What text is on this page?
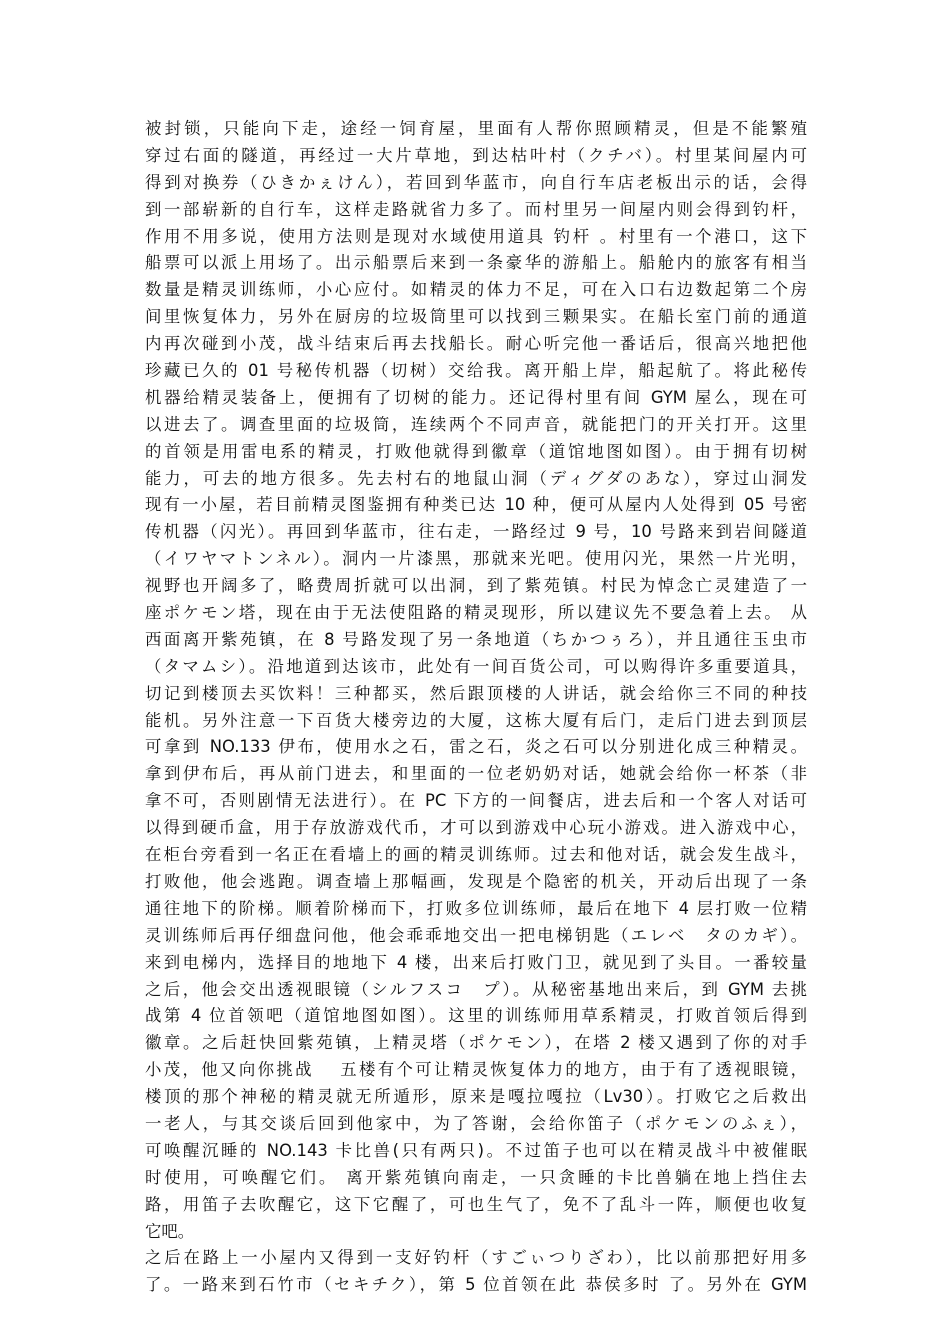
被封锁，只能向下走，途经一饲育屋，里面有人帮你照顾精灵，但是不能繁殖
穿过右面的隧道，再经过一大片草地，到达枯叶村（クチバ）。村里某间屋内可
得到对换券（ひきかぇけん），若回到华蓝市，向自行车店老板出示的话，会得
到一部崭新的自行车，这样走路就省力多了。而村里另一间屋内则会得到钓杆，
作用不用多说，使用方法则是现对水域使用道具 钓杆 。村里有一个港口，这下
船票可以派上用场了。出示船票后来到一条豪华的游船上。船舱内的旅客有相当
数量是精灵训练师，小心应付。如精灵的体力不足，可在入口右边数起第二个房
间里恢复体力，另外在厨房的垃圾筒里可以找到三颗果实。在船长室门前的通道
内再次碰到小茂，战斗结束后再去找船长。耐心听完他一番话后，很高兴地把他
珍藏已久的 01 号秘传机器（切树）交给我。离开船上岸，船起航了。将此秘传
机器给精灵装备上，便拥有了切树的能力。还记得村里有间 GYM 屋么，现在可
以进去了。调查里面的垃圾筒，连续两个不同声音，就能把门的开关打开。这里
的首领是用雷电系的精灵，打败他就得到徽章（道馆地图如图）。由于拥有切树
能力，可去的地方很多。先去村右的地鼠山洞（ディグダのあな），穿过山洞发
现有一小屋，若目前精灵图鉴拥有种类已达 10 种，便可从屋内人处得到 05 号密
传机器（闪光）。再回到华蓝市，往右走，一路经过 9 号，10 号路来到岩间隧道
（イワヤマトンネル）。洞内一片漆黑，那就来光吧。使用闪光，果然一片光明，
视野也开阔多了，略费周折就可以出洞，到了紫苑镇。村民为悼念亡灵建造了一
座ポケモン塔，现在由于无法使阻路的精灵现形，所以建议先不要急着上去。 从
西面离开紫苑镇，在 8 号路发现了另一条地道（ちかつぅろ），并且通往玉虫市
（タマムシ）。沿地道到达该市，此处有一间百货公司，可以购得许多重要道具，
切记到楼顶去买饮料！三种都买，然后跟顶楼的人讲话，就会给你三不同的种技
能机。另外注意一下百货大楼旁边的大厦，这栋大厦有后门，走后门进去到顶层
可拿到 NO.133 伊布，使用水之石，雷之石，炎之石可以分别进化成三种精灵。
拿到伊布后，再从前门进去，和里面的一位老奶奶对话，她就会给你一杯茶（非
拿不可，否则剧情无法进行）。在 PC 下方的一间餐店，进去后和一个客人对话可
以得到硬币盒，用于存放游戏代币，才可以到游戏中心玩小游戏。进入游戏中心，
在柜台旁看到一名正在看墙上的画的精灵训练师。过去和他对话，就会发生战斗，
打败他，他会逃跑。调查墙上那幅画，发现是个隐密的机关，开动后出现了一条
通往地下的阶梯。顺着阶梯而下，打败多位训练师，最后在地下 4 层打败一位精
灵训练师后再仔细盘问他，他会乖乖地交出一把电梯钥匙（エレベ　タのカギ）。
来到电梯内，选择目的地地下 4 楼，出来后打败门卫，就见到了头目。一番较量
之后，他会交出透视眼镜（シルフスコ　プ）。从秘密基地出来后，到 GYM 去挑
战第 4 位首领吧（道馆地图如图）。这里的训练师用草系精灵，打败首领后得到
徽章。之后赶快回紫苑镇，上精灵塔（ポケモン），在塔 2 楼又遇到了你的对手
小茂，他又向你挑战　 五楼有个可让精灵恢复体力的地方，由于有了透视眼镜，
楼顶的那个神秘的精灵就无所遁形，原来是嘎拉嘎拉（Lv30）。打败它之后救出
一老人，与其交谈后回到他家中，为了答谢，会给你笛子（ポケモンのふぇ），
可唤醒沉睡的 NO.143 卡比兽(只有两只)。不过笛子也可以在精灵战斗中被催眠
时使用，可唤醒它们。 离开紫苑镇向南走，一只贪睡的卡比兽躺在地上挡住去
路，用笛子去吹醒它，这下它醒了，可也生气了，免不了乱斗一阵，顺便也收复
它吧。
之后在路上一小屋内又得到一支好钓杆（すごぃつりざわ），比以前那把好用多
了。一路来到石竹市（セキチク），第 5 位首领在此 恭侯多时 了。另外在 GYM
